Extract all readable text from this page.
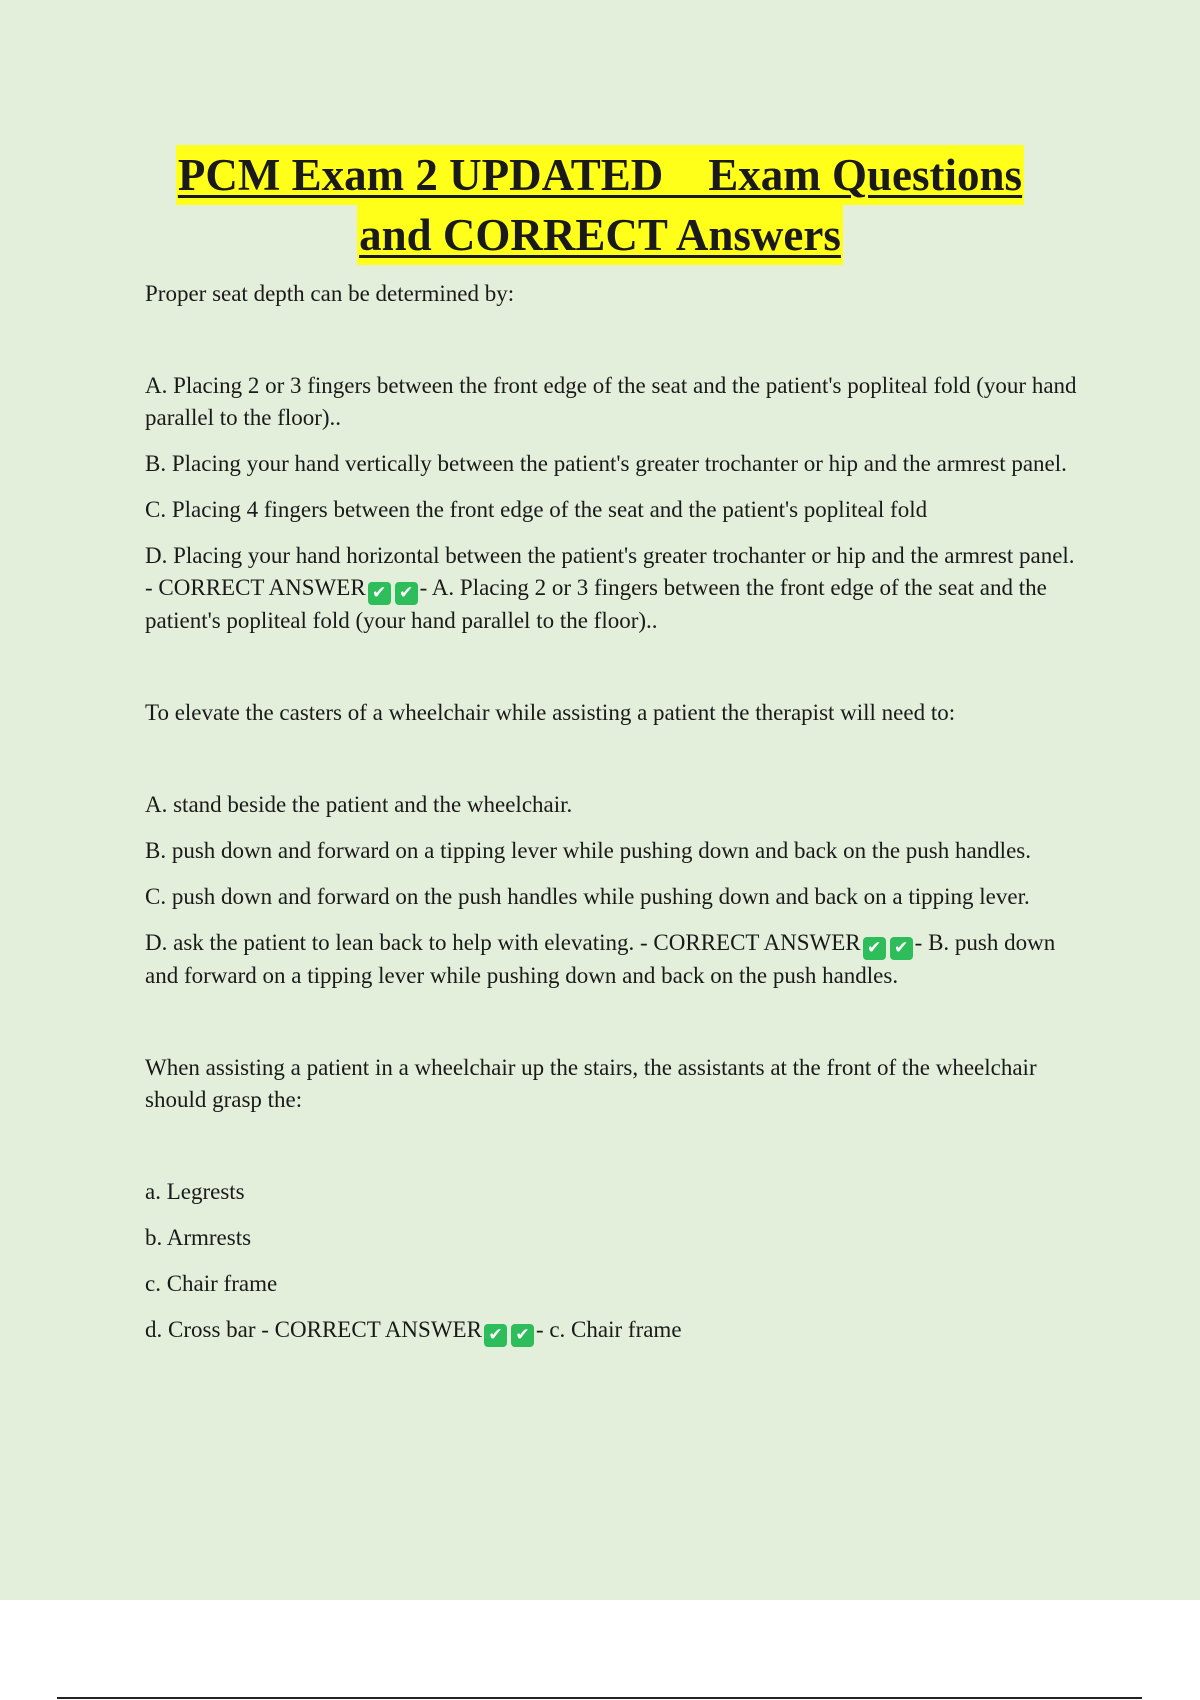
PCM Exam 2 UPDATED    Exam Questions
and CORRECT Answers

Proper seat depth can be determined by:

A. Placing 2 or 3 fingers between the front edge of the seat and the patient's popliteal fold (your hand parallel to the floor)..

B. Placing your hand vertically between the patient's greater trochanter or hip and the armrest panel.

C. Placing 4 fingers between the front edge of the seat and the patient's popliteal fold

D. Placing your hand horizontal between the patient's greater trochanter or hip and the armrest panel. - CORRECT ANSWER ✔ ✔ - A. Placing 2 or 3 fingers between the front edge of the seat and the patient's popliteal fold (your hand parallel to the floor)..

To elevate the casters of a wheelchair while assisting a patient the therapist will need to:

A. stand beside the patient and the wheelchair.

B. push down and forward on a tipping lever while pushing down and back on the push handles.

C. push down and forward on the push handles while pushing down and back on a tipping lever.

D. ask the patient to lean back to help with elevating. - CORRECT ANSWER ✔ ✔ - B. push down and forward on a tipping lever while pushing down and back on the push handles.

When assisting a patient in a wheelchair up the stairs, the assistants at the front of the wheelchair should grasp the:

a. Legrests

b. Armrests

c. Chair frame

d. Cross bar - CORRECT ANSWER ✔ ✔ - c. Chair frame
